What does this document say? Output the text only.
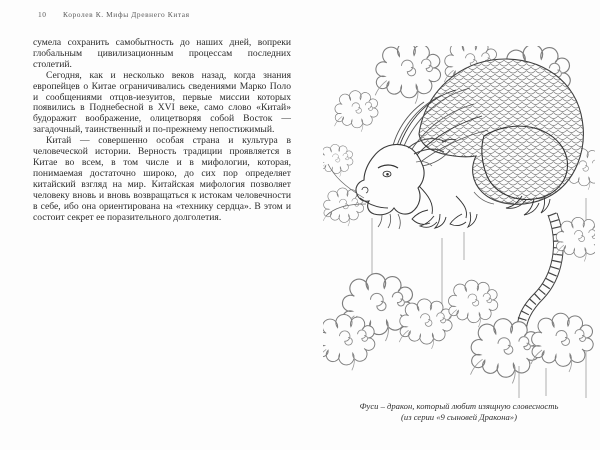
10 Королев К. Мифы Древнего Китая

сумела сохранить самобытность до наших дней, вопреки глобальным цивилизационным процессам последних столетий.

Сегодня, как и несколько веков назад, когда знания европейцев о Китае ограничивались сведениями Марко Поло и сообщениями отцов-иезуитов, первые миссии которых появились в Поднебесной в XVI веке, само слово «Китай» будоражит воображение, олицетворяя собой Восток — загадочный, таинственный и по-прежнему непостижимый.

Китай — совершенно особая страна и культура в человеческой истории. Верность традиции проявляется в Китае во всем, в том числе и в мифологии, которая, понимаемая достаточно широко, до сих пор определяет китайский взгляд на мир. Китайская мифология позволяет человеку вновь и вновь возвращаться к истокам человечности в себе, ибо она ориентирована на «технику сердца». В этом и состоит секрет ее поразительного долголетия.

Фуси – дракон, который любит изящную словесность
(из серии «9 сыновей Дракона»)
